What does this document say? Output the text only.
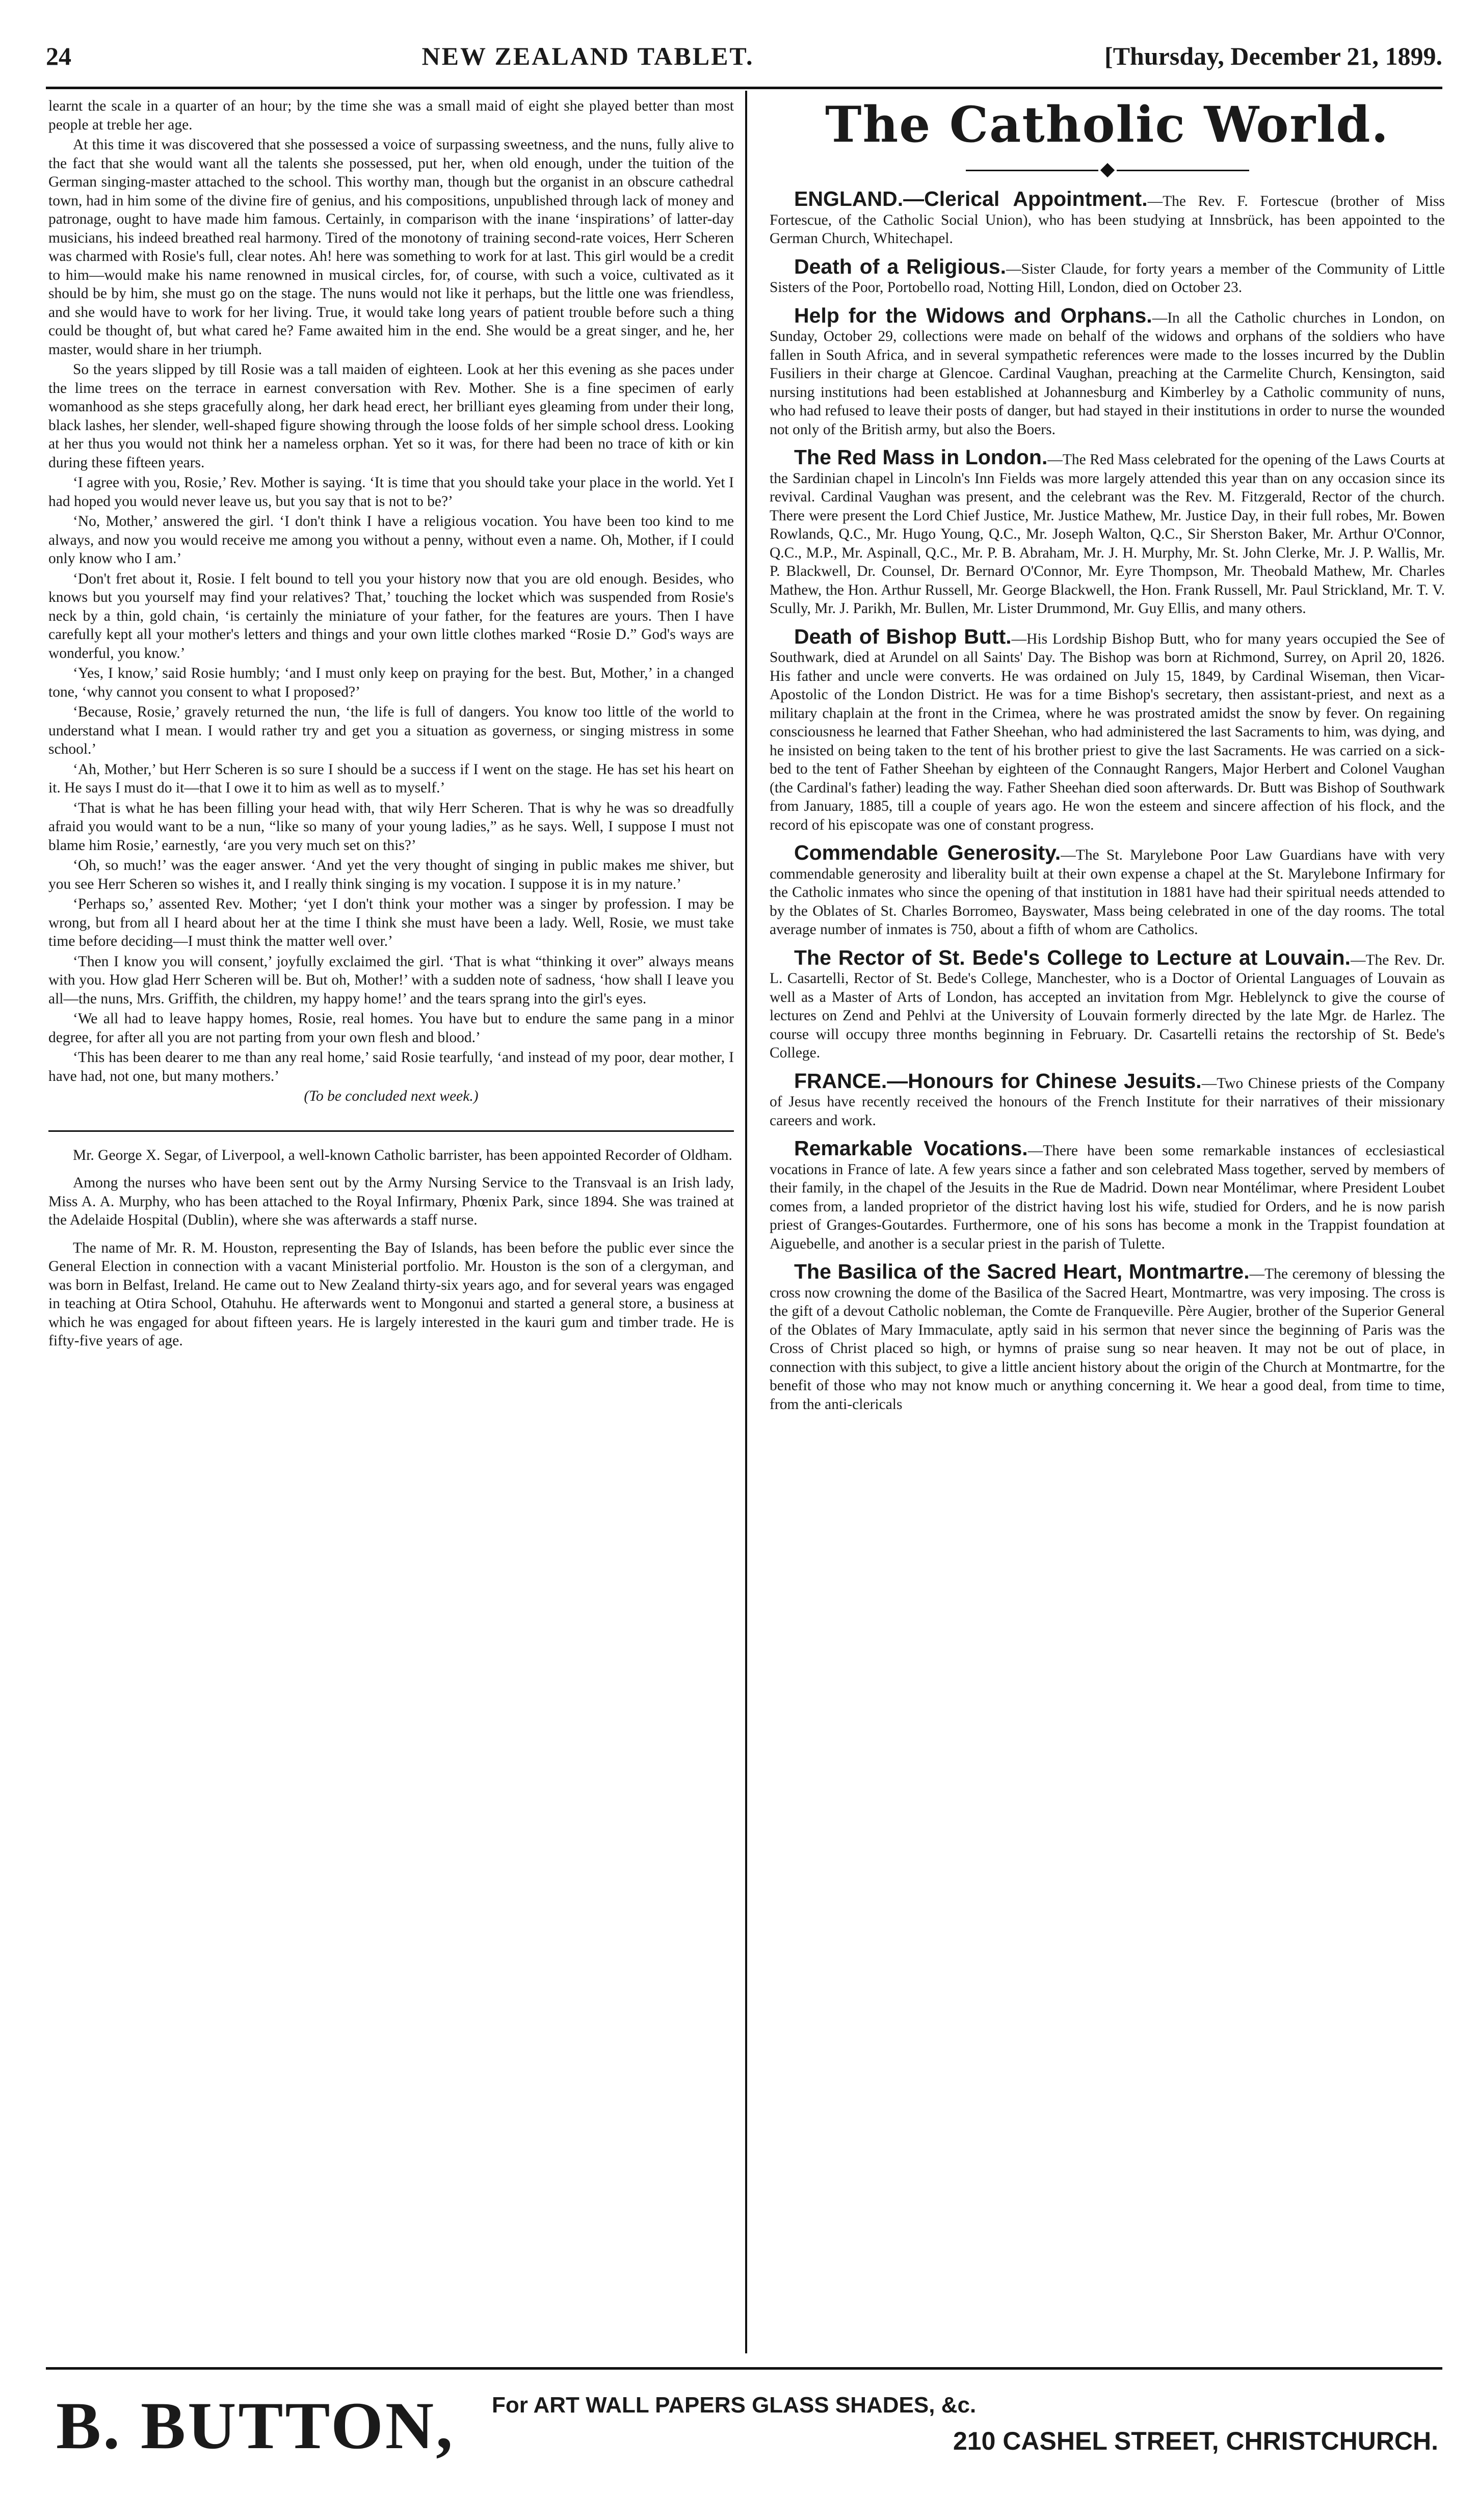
24	NEW ZEALAND TABLET.	[Thursday, December 21, 1899.

learnt the scale in a quarter of an hour; by the time she was a small maid of eight she played better than most people at treble her age.

At this time it was discovered that she possessed a voice of surpassing sweetness, and the nuns, fully alive to the fact that she would want all the talents she possessed, put her, when old enough, under the tuition of the German singing-master attached to the school. This worthy man, though but the organist in an obscure cathedral town, had in him some of the divine fire of genius, and his compositions, unpublished through lack of money and patronage, ought to have made him famous. Certainly, in comparison with the inane ‘inspirations’ of latter-day musicians, his indeed breathed real harmony. Tired of the monotony of training second-rate voices, Herr Scheren was charmed with Rosie's full, clear notes. Ah! here was something to work for at last. This girl would be a credit to him—would make his name renowned in musical circles, for, of course, with such a voice, cultivated as it should be by him, she must go on the stage. The nuns would not like it perhaps, but the little one was friendless, and she would have to work for her living. True, it would take long years of patient trouble before such a thing could be thought of, but what cared he? Fame awaited him in the end. She would be a great singer, and he, her master, would share in her triumph.

So the years slipped by till Rosie was a tall maiden of eighteen. Look at her this evening as she paces under the lime trees on the terrace in earnest conversation with Rev. Mother. She is a fine specimen of early womanhood as she steps gracefully along, her dark head erect, her brilliant eyes gleaming from under their long, black lashes, her slender, well-shaped figure showing through the loose folds of her simple school dress. Looking at her thus you would not think her a nameless orphan. Yet so it was, for there had been no trace of kith or kin during these fifteen years.

‘I agree with you, Rosie,’ Rev. Mother is saying. ‘It is time that you should take your place in the world. Yet I had hoped you would never leave us, but you say that is not to be?’

‘No, Mother,’ answered the girl. ‘I don't think I have a religious vocation. You have been too kind to me always, and now you would receive me among you without a penny, without even a name. Oh, Mother, if I could only know who I am.’

‘Don't fret about it, Rosie. I felt bound to tell you your history now that you are old enough. Besides, who knows but you yourself may find your relatives? That,’ touching the locket which was suspended from Rosie's neck by a thin, gold chain, ‘is certainly the miniature of your father, for the features are yours. Then I have carefully kept all your mother's letters and things and your own little clothes marked “Rosie D.” God's ways are wonderful, you know.’

‘Yes, I know,’ said Rosie humbly; ‘and I must only keep on praying for the best. But, Mother,’ in a changed tone, ‘why cannot you consent to what I proposed?’

‘Because, Rosie,’ gravely returned the nun, ‘the life is full of dangers. You know too little of the world to understand what I mean. I would rather try and get you a situation as governess, or singing mistress in some school.’

‘Ah, Mother,’ but Herr Scheren is so sure I should be a success if I went on the stage. He has set his heart on it. He says I must do it—that I owe it to him as well as to myself.’

‘That is what he has been filling your head with, that wily Herr Scheren. That is why he was so dreadfully afraid you would want to be a nun, “like so many of your young ladies,” as he says. Well, I suppose I must not blame him Rosie,’ earnestly, ‘are you very much set on this?’

‘Oh, so much!’ was the eager answer. ‘And yet the very thought of singing in public makes me shiver, but you see Herr Scheren so wishes it, and I really think singing is my vocation. I suppose it is in my nature.’

‘Perhaps so,’ assented Rev. Mother; ‘yet I don't think your mother was a singer by profession. I may be wrong, but from all I heard about her at the time I think she must have been a lady. Well, Rosie, we must take time before deciding—I must think the matter well over.’

‘Then I know you will consent,’ joyfully exclaimed the girl. ‘That is what “thinking it over” always means with you. How glad Herr Scheren will be. But oh, Mother!’ with a sudden note of sadness, ‘how shall I leave you all—the nuns, Mrs. Griffith, the children, my happy home!’ and the tears sprang into the girl's eyes.

‘We all had to leave happy homes, Rosie, real homes. You have but to endure the same pang in a minor degree, for after all you are not parting from your own flesh and blood.’

‘This has been dearer to me than any real home,’ said Rosie tearfully, ‘and instead of my poor, dear mother, I have had, not one, but many mothers.’

(To be concluded next week.)

Mr. George X. Segar, of Liverpool, a well-known Catholic barrister, has been appointed Recorder of Oldham.

Among the nurses who have been sent out by the Army Nursing Service to the Transvaal is an Irish lady, Miss A. A. Murphy, who has been attached to the Royal Infirmary, Phœnix Park, since 1894. She was trained at the Adelaide Hospital (Dublin), where she was afterwards a staff nurse.

The name of Mr. R. M. Houston, representing the Bay of Islands, has been before the public ever since the General Election in connection with a vacant Ministerial portfolio. Mr. Houston is the son of a clergyman, and was born in Belfast, Ireland. He came out to New Zealand thirty-six years ago, and for several years was engaged in teaching at Otira School, Otahuhu. He afterwards went to Mongonui and started a general store, a business at which he was engaged for about fifteen years. He is largely interested in the kauri gum and timber trade. He is fifty-five years of age.

The Catholic World.

ENGLAND.—Clerical Appointment.—The Rev. F. Fortescue (brother of Miss Fortescue, of the Catholic Social Union), who has been studying at Innsbrück, has been appointed to the German Church, Whitechapel.

Death of a Religious.—Sister Claude, for forty years a member of the Community of Little Sisters of the Poor, Portobello road, Notting Hill, London, died on October 23.

Help for the Widows and Orphans.—In all the Catholic churches in London, on Sunday, October 29, collections were made on behalf of the widows and orphans of the soldiers who have fallen in South Africa, and in several sympathetic references were made to the losses incurred by the Dublin Fusiliers in their charge at Glencoe. Cardinal Vaughan, preaching at the Carmelite Church, Kensington, said nursing institutions had been established at Johannesburg and Kimberley by a Catholic community of nuns, who had refused to leave their posts of danger, but had stayed in their institutions in order to nurse the wounded not only of the British army, but also the Boers.

The Red Mass in London.—The Red Mass celebrated for the opening of the Laws Courts at the Sardinian chapel in Lincoln's Inn Fields was more largely attended this year than on any occasion since its revival. Cardinal Vaughan was present, and the celebrant was the Rev. M. Fitzgerald, Rector of the church. There were present the Lord Chief Justice, Mr. Justice Mathew, Mr. Justice Day, in their full robes, Mr. Bowen Rowlands, Q.C., Mr. Hugo Young, Q.C., Mr. Joseph Walton, Q.C., Sir Sherston Baker, Mr. Arthur O'Connor, Q.C., M.P., Mr. Aspinall, Q.C., Mr. P. B. Abraham, Mr. J. H. Murphy, Mr. St. John Clerke, Mr. J. P. Wallis, Mr. P. Blackwell, Dr. Counsel, Dr. Bernard O'Connor, Mr. Eyre Thompson, Mr. Theobald Mathew, Mr. Charles Mathew, the Hon. Arthur Russell, Mr. George Blackwell, the Hon. Frank Russell, Mr. Paul Strickland, Mr. T. V. Scully, Mr. J. Parikh, Mr. Bullen, Mr. Lister Drummond, Mr. Guy Ellis, and many others.

Death of Bishop Butt.—His Lordship Bishop Butt, who for many years occupied the See of Southwark, died at Arundel on all Saints' Day. The Bishop was born at Richmond, Surrey, on April 20, 1826. His father and uncle were converts. He was ordained on July 15, 1849, by Cardinal Wiseman, then Vicar-Apostolic of the London District. He was for a time Bishop's secretary, then assistant-priest, and next as a military chaplain at the front in the Crimea, where he was prostrated amidst the snow by fever. On regaining consciousness he learned that Father Sheehan, who had administered the last Sacraments to him, was dying, and he insisted on being taken to the tent of his brother priest to give the last Sacraments. He was carried on a sick-bed to the tent of Father Sheehan by eighteen of the Connaught Rangers, Major Herbert and Colonel Vaughan (the Cardinal's father) leading the way. Father Sheehan died soon afterwards. Dr. Butt was Bishop of Southwark from January, 1885, till a couple of years ago. He won the esteem and sincere affection of his flock, and the record of his episcopate was one of constant progress.

Commendable Generosity.—The St. Marylebone Poor Law Guardians have with very commendable generosity and liberality built at their own expense a chapel at the St. Marylebone Infirmary for the Catholic inmates who since the opening of that institution in 1881 have had their spiritual needs attended to by the Oblates of St. Charles Borromeo, Bayswater, Mass being celebrated in one of the day rooms. The total average number of inmates is 750, about a fifth of whom are Catholics.

The Rector of St. Bede's College to Lecture at Louvain.—The Rev. Dr. L. Casartelli, Rector of St. Bede's College, Manchester, who is a Doctor of Oriental Languages of Louvain as well as a Master of Arts of London, has accepted an invitation from Mgr. Heblelynck to give the course of lectures on Zend and Pehlvi at the University of Louvain formerly directed by the late Mgr. de Harlez. The course will occupy three months beginning in February. Dr. Casartelli retains the rectorship of St. Bede's College.

FRANCE.—Honours for Chinese Jesuits.—Two Chinese priests of the Company of Jesus have recently received the honours of the French Institute for their narratives of their missionary careers and work.

Remarkable Vocations.—There have been some remarkable instances of ecclesiastical vocations in France of late. A few years since a father and son celebrated Mass together, served by members of their family, in the chapel of the Jesuits in the Rue de Madrid. Down near Montélimar, where President Loubet comes from, a landed proprietor of the district having lost his wife, studied for Orders, and he is now parish priest of Granges-Goutardes. Furthermore, one of his sons has become a monk in the Trappist foundation at Aiguebelle, and another is a secular priest in the parish of Tulette.

The Basilica of the Sacred Heart, Montmartre.—The ceremony of blessing the cross now crowning the dome of the Basilica of the Sacred Heart, Montmartre, was very imposing. The cross is the gift of a devout Catholic nobleman, the Comte de Franqueville. Père Augier, brother of the Superior General of the Oblates of Mary Immaculate, aptly said in his sermon that never since the beginning of Paris was the Cross of Christ placed so high, or hymns of praise sung so near heaven. It may not be out of place, in connection with this subject, to give a little ancient history about the origin of the Church at Montmartre, for the benefit of those who may not know much or anything concerning it. We hear a good deal, from time to time, from the anti-clericals

B. BUTTON, For ART WALL PAPERS GLASS SHADES, &c.
210 CASHEL STREET, CHRISTCHURCH.
